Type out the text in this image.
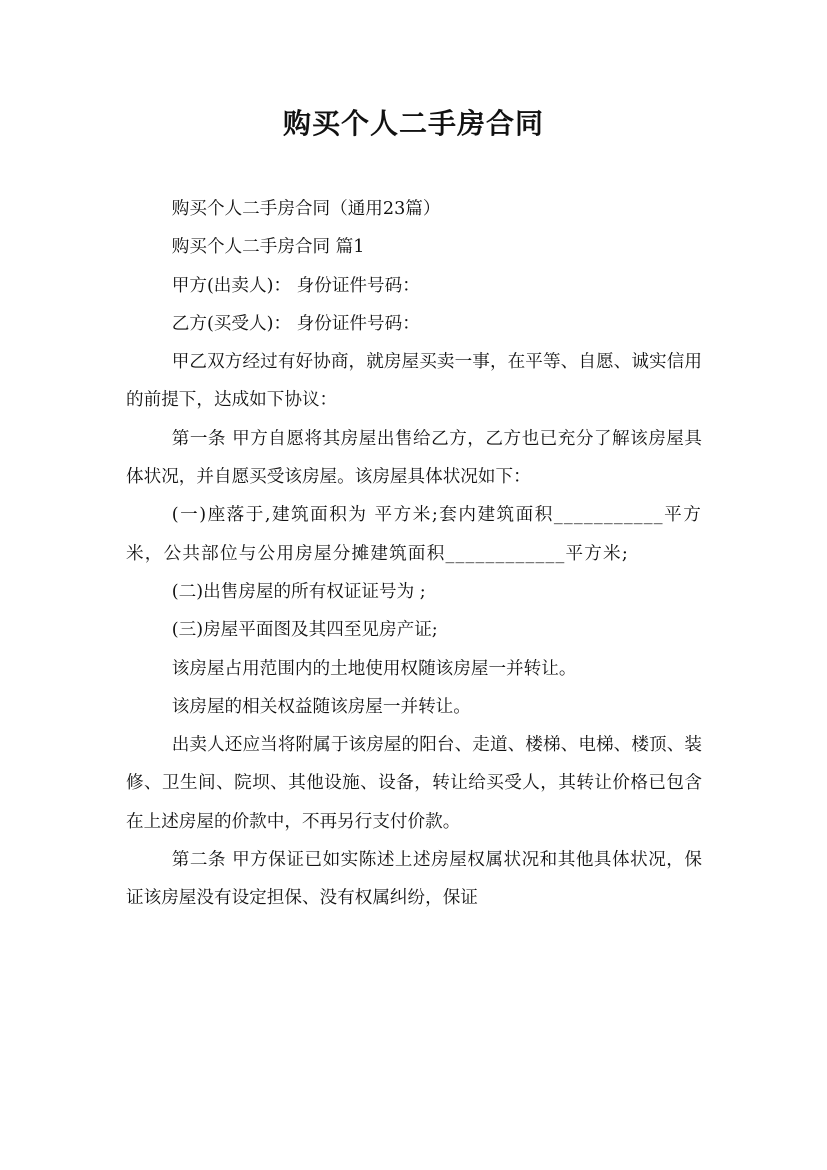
购买个人二手房合同

购买个人二手房合同（通用23篇）

购买个人二手房合同 篇1

甲方(出卖人)： 身份证件号码：

乙方(买受人)： 身份证件号码：

甲乙双方经过有好协商，就房屋买卖一事，在平等、自愿、诚实信用的前提下，达成如下协议：

第一条 甲方自愿将其房屋出售给乙方，乙方也已充分了解该房屋具体状况，并自愿买受该房屋。该房屋具体状况如下：

(一)座落于,建筑面积为 平方米;套内建筑面积___________平方米，公共部位与公用房屋分摊建筑面积____________平方米;

(二)出售房屋的所有权证证号为 ;

(三)房屋平面图及其四至见房产证;

该房屋占用范围内的土地使用权随该房屋一并转让。

该房屋的相关权益随该房屋一并转让。

出卖人还应当将附属于该房屋的阳台、走道、楼梯、电梯、楼顶、装修、卫生间、院坝、其他设施、设备，转让给买受人，其转让价格已包含在上述房屋的价款中，不再另行支付价款。

第二条 甲方保证已如实陈述上述房屋权属状况和其他具体状况，保证该房屋没有设定担保、没有权属纠纷，保证
